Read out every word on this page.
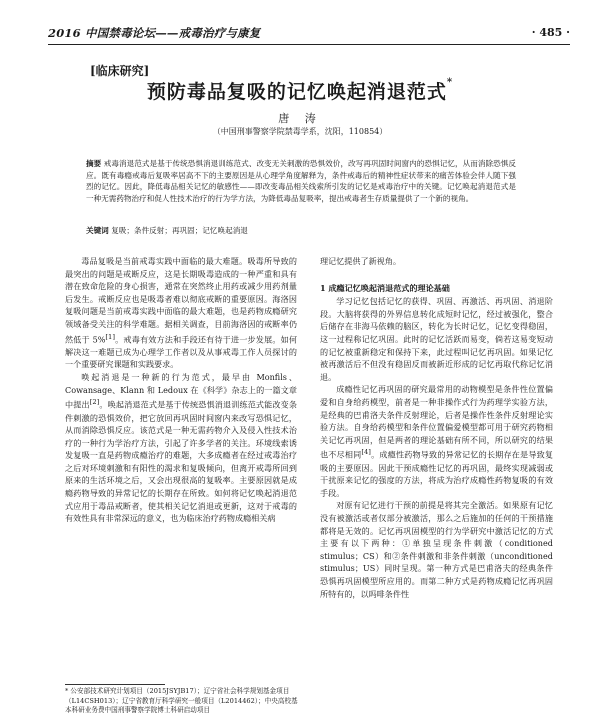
2016 中国禁毒论坛——戒毒治疗与康复	· 485 ·
[临床研究]
预防毒品复吸的记忆唤起消退范式*
唐 涛
（中国刑事警察学院禁毒学系，沈阳，110854）
摘要 戒毒消退范式是基于传统恐惧消退训练范式、改变无关刺激的恐惧效价，改写再巩固时间窗内的恐惧记忆，从而消除恐惧反应。既有毒瘾戒毒后复吸率居高不下的主要原因是从心理学角度解释为，条件戒毒后的精神性症状带来的痛苦体验会伴人随下强烈的记忆。因此，降低毒品相关记忆的敏感性——即改变毒品相关线索所引发的记忆是戒毒治疗中的关键。记忆唤起消退范式是一种无需药物治疗和促人性技术治疗的行为学方法，为降低毒品复吸率，提出戒毒者生存质量提供了一个新的视角。
关键词 复吸；条件反射；再巩固；记忆唤起消退

毒品复吸是当前戒毒实践中面临的最大难题。吸毒所导致的最突出的问题是戒断反应，这是长期吸毒造成的一种严重和具有潜在致命危险的身心损害，通常在突然终止用药或减少用药剂量后发生。戒断反应也是吸毒者难以彻底戒断的重要原因。海洛因复吸问题是当前戒毒实践中面临的最大难题，也是药物成瘾研究领域备受关注的科学难题。据相关调查，目前海洛因的戒断率仍然低于 5%[1]。戒毒有效方法和手段还有待于进一步发展。如何解决这一难题已成为心理学工作者以及从事戒毒工作人员探讨的一个重要研究课题和实践要求。

唤起消退是一种新的行为范式，最早由 Monfils、Cowansage、Klann 和 Ledoux 在《科学》杂志上的一篇文章中提出[2]。唤起消退范式是基于传统恐惧消退训练范式能改变条件刺激的恐惧效价，把它放回再巩固时间窗内来改写恐惧记忆，从而消除恐惧反应。该范式是一种无需药物介入及侵入性技术治疗的一种行为学治疗方法，引起了许多学者的关注。环境线索诱发复吸一直是药物成瘾治疗的难题，大多成瘾者在经过戒毒治疗之后对环境刺激和有阳性的渴求和复吸倾向，但离开戒毒所回到原来的生活环境之后，又会出现很高的复吸率。主要原因就是成瘾药物导致的异常记忆的长期存在所致。如何将记忆唤起消退范式应用于毒品戒断者，使其相关记忆消退或更新，这对于戒毒的有效性具有非常深远的意义，也为临床治疗药物成瘾相关病

理记忆提供了新视角。

1 成瘾记忆唤起消退范式的理论基础

学习记忆包括记忆的获得、巩固、再激活、再巩固、消退阶段。大脑将获得的外界信息转化成短时记忆，经过被强化，整合后储存在非海马依赖的脑区，转化为长时记忆，记忆变得稳固，这一过程称记忆巩固。此时的记忆活跃而易变，倘若这易变短动的记忆被重新稳定和保持下来，此过程叫记忆再巩固。如果记忆被再激活后不但没有稳固反而被新近形成的记忆再取代称记忆消退。

成瘾性记忆再巩固的研究最常用的动物模型是条件性位置偏爱和自身给药模型，前者是一种非操作式行为药理学实验方法，是经典的巴甫洛夫条件反射理论，后者是操作性条件反射理论实验方法。自身给药模型和条件位置偏爱模型都可用于研究药物相关记忆再巩固，但是两者的理论基础有所不同，所以研究的结果也不尽相同[4]。成瘾性药物导致的异常记忆的长期存在是导致复吸的主要原因。因此干预成瘾性记忆的再巩固，最终实现减弱或干扰原来记忆的强度的方法，将成为治疗成瘾性药物复吸的有效手段。

对原有记忆进行干预的前提是将其完全激活。如果原有记忆没有被激活或者仅部分被激活，那么之后施加的任何的干预措施都将是无效的。记忆再巩固模型的行为学研究中激活记忆的方式主要有以下两种：①单独呈现条件刺激（conditioned stimulus；CS）和②条件刺激和非条件刺激（unconditioned stimulus；US）同时呈现。第一种方式是巴甫洛夫的经典条件恐惧再巩固模型所应用的。而第二种方式是药物成瘾记忆再巩固所特有的，以吗啡条件性

* 公安部技术研究计划项目（2015JSYJB17）；辽宁省社会科学规划基金项目（L14CSH013）；辽宁省教育厅科学研究一般项目（L2014462）；中央高校基本科研业务费中国刑事警察学院博士科研启动项目
